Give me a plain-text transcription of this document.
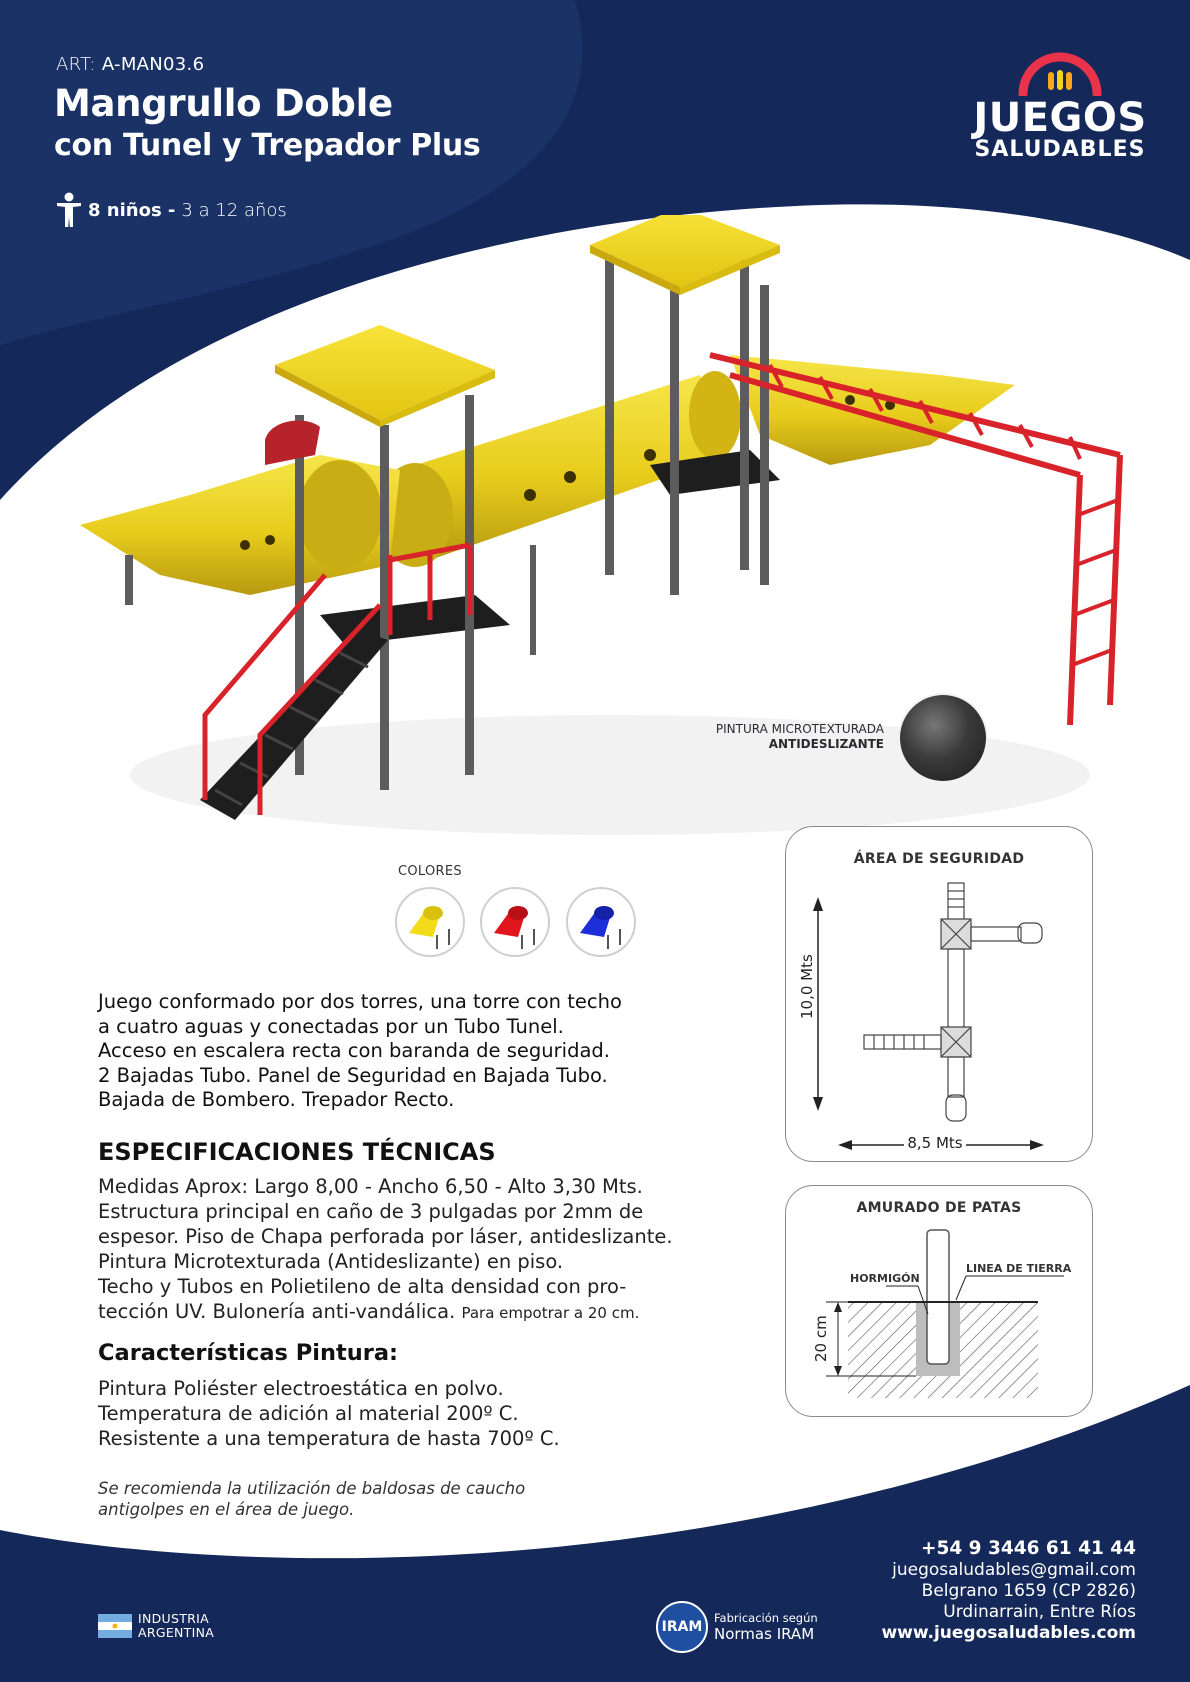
ART: A-MAN03.6
Mangrullo Doble
con Tunel y Trepador Plus
8 niños - 3 a 12 años
JUEGOS
SALUDABLES
PINTURA MICROTEXTURADA
ANTIDESLIZANTE
COLORES
Juego conformado por dos torres, una torre con techo
a cuatro aguas y conectadas por un Tubo Tunel.
Acceso en escalera recta con baranda de seguridad.
2 Bajadas Tubo. Panel de Seguridad en Bajada Tubo.
Bajada de Bombero. Trepador Recto.
ESPECIFICACIONES TÉCNICAS
Medidas Aprox: Largo 8,00 - Ancho 6,50 - Alto 3,30 Mts.
Estructura principal en caño de 3 pulgadas por 2mm de
espesor. Piso de Chapa perforada por láser, antideslizante.
Pintura Microtexturada (Antideslizante) en piso.
Techo y Tubos en Polietileno de alta densidad con pro-
tección UV. Bulonería anti-vandálica. Para empotrar a 20 cm.
Características Pintura:
Pintura Poliéster electroestática en polvo.
Temperatura de adición al material 200º C.
Resistente a una temperatura de hasta 700º C.
Se recomienda la utilización de baldosas de caucho
antigolpes en el área de juego.
ÁREA DE SEGURIDAD
10,0 Mts
8,5 Mts
AMURADO DE PATAS
HORMIGÓN
LINEA DE TIERRA
20 cm
INDUSTRIA
ARGENTINA	IRAM
Fabricación según
Normas IRAM
+54 9 3446 61 41 44
juegosaludables@gmail.com
Belgrano 1659 (CP 2826)
Urdinarrain, Entre Ríos
www.juegosaludables.com
